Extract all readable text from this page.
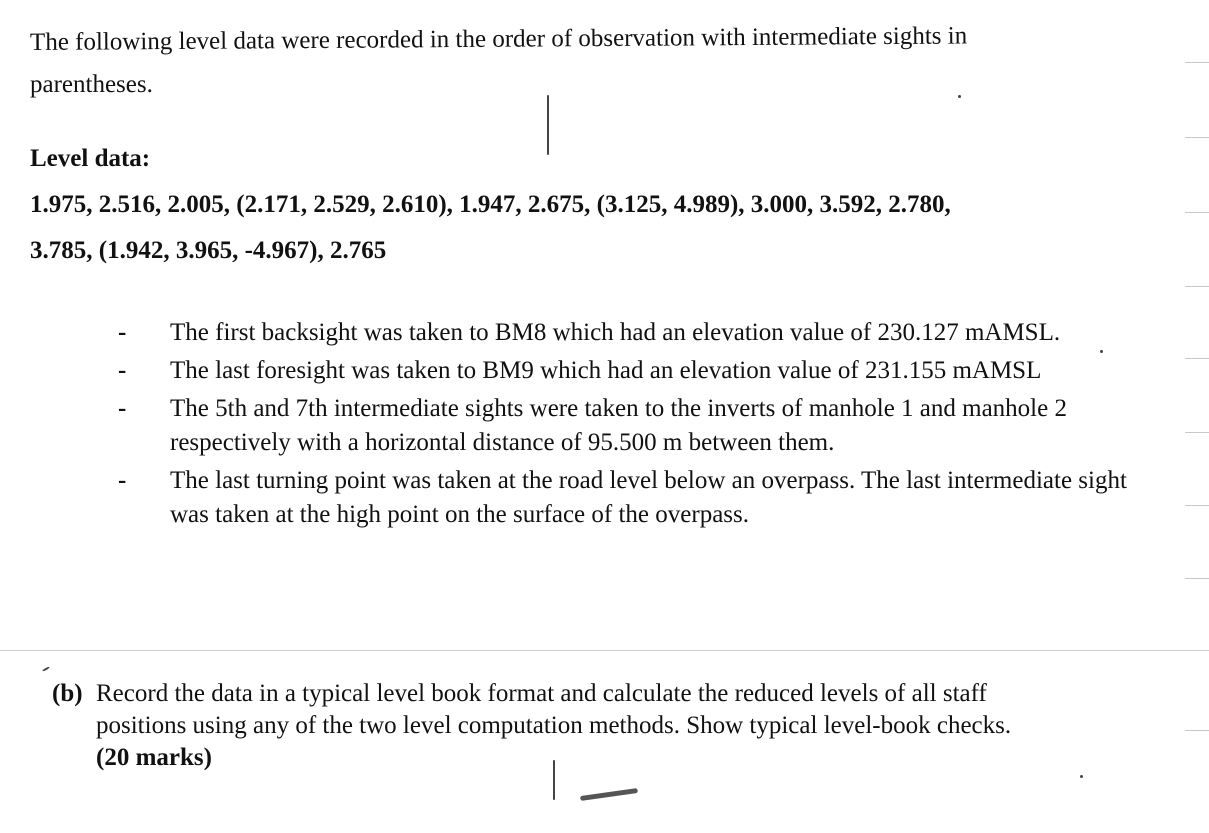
The following level data were recorded in the order of observation with intermediate sights in

parentheses.

Level data:

1.975, 2.516, 2.005, (2.171, 2.529, 2.610), 1.947, 2.675, (3.125, 4.989), 3.000, 3.592, 2.780,

3.785, (1.942, 3.965, -4.967), 2.765

- The first backsight was taken to BM8 which had an elevation value of 230.127 mAMSL.
- The last foresight was taken to BM9 which had an elevation value of 231.155 mAMSL
- The 5th and 7th intermediate sights were taken to the inverts of manhole 1 and manhole 2 respectively with a horizontal distance of 95.500 m between them.
- The last turning point was taken at the road level below an overpass. The last intermediate sight was taken at the high point on the surface of the overpass.
(b) Record the data in a typical level book format and calculate the reduced levels of all staff
positions using any of the two level computation methods. Show typical level-book checks.
(20 marks)
